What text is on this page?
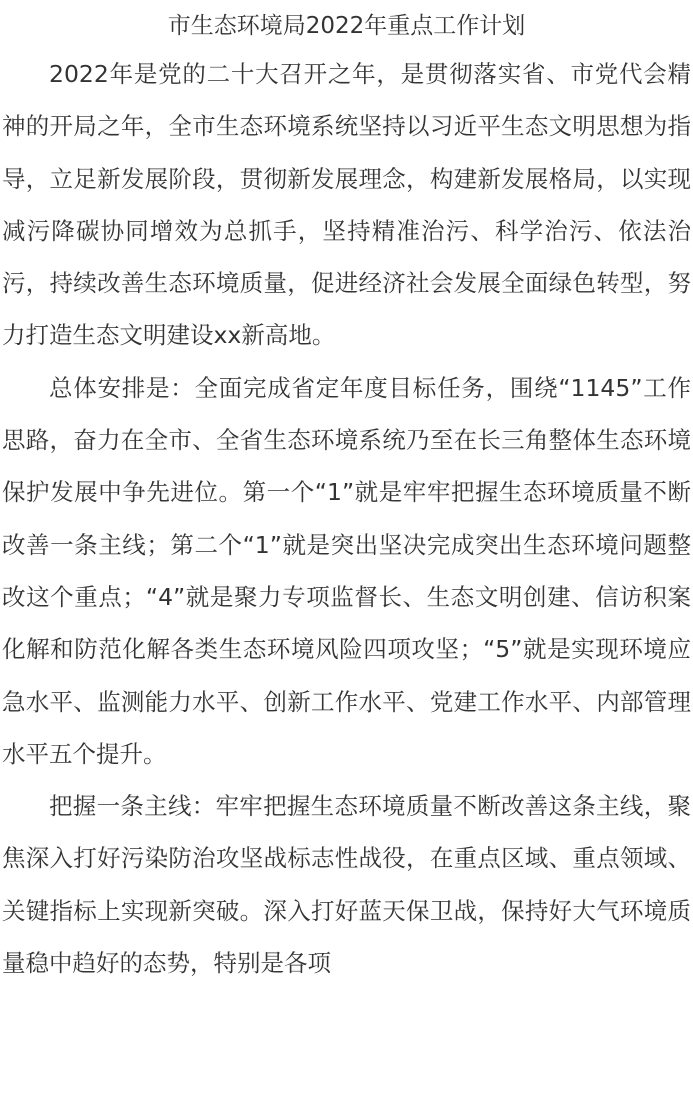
市生态环境局2022年重点工作计划

2022年是党的二十大召开之年，是贯彻落实省、市党代会精神的开局之年，全市生态环境系统坚持以习近平生态文明思想为指导，立足新发展阶段，贯彻新发展理念，构建新发展格局，以实现减污降碳协同增效为总抓手，坚持精准治污、科学治污、依法治污，持续改善生态环境质量，促进经济社会发展全面绿色转型，努力打造生态文明建设xx新高地。

总体安排是：全面完成省定年度目标任务，围绕“1145”工作思路，奋力在全市、全省生态环境系统乃至在长三角整体生态环境保护发展中争先进位。第一个“1”就是牢牢把握生态环境质量不断改善一条主线；第二个“1”就是突出坚决完成突出生态环境问题整改这个重点；“4”就是聚力专项监督长、生态文明创建、信访积案化解和防范化解各类生态环境风险四项攻坚；“5”就是实现环境应急水平、监测能力水平、创新工作水平、党建工作水平、内部管理水平五个提升。

把握一条主线：牢牢把握生态环境质量不断改善这条主线，聚焦深入打好污染防治攻坚战标志性战役，在重点区域、重点领域、关键指标上实现新突破。深入打好蓝天保卫战，保持好大气环境质量稳中趋好的态势，特别是各项
